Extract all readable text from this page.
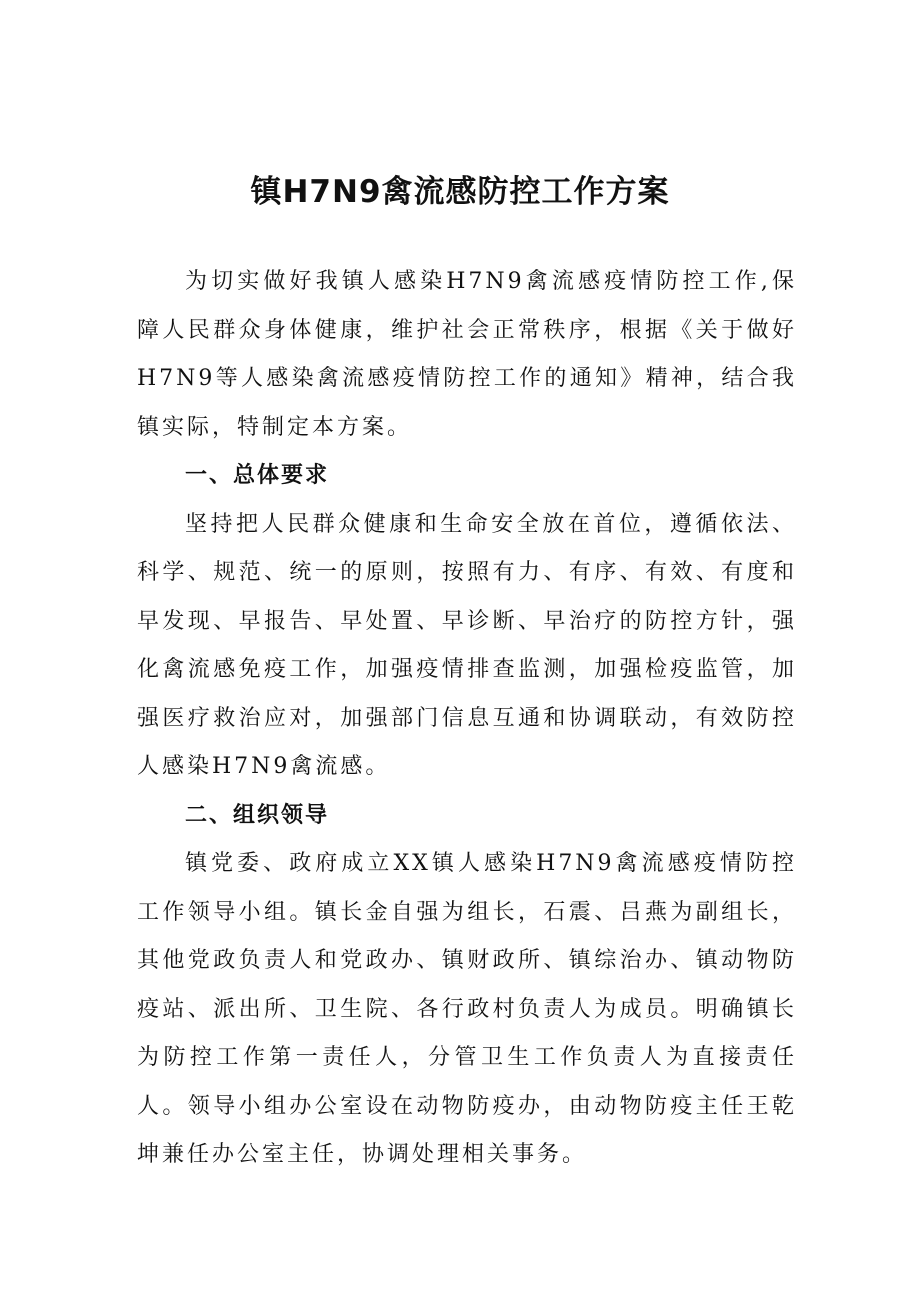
镇H7N9禽流感防控工作方案

为切实做好我镇人感染H7N9禽流感疫情防控工作,保障人民群众身体健康，维护社会正常秩序，根据《关于做好H7N9等人感染禽流感疫情防控工作的通知》精神，结合我镇实际，特制定本方案。

一、总体要求

坚持把人民群众健康和生命安全放在首位，遵循依法、科学、规范、统一的原则，按照有力、有序、有效、有度和早发现、早报告、早处置、早诊断、早治疗的防控方针，强化禽流感免疫工作，加强疫情排查监测，加强检疫监管，加强医疗救治应对，加强部门信息互通和协调联动，有效防控人感染H7N9禽流感。

二、组织领导

镇党委、政府成立XX镇人感染H7N9禽流感疫情防控工作领导小组。镇长金自强为组长，石震、吕燕为副组长，其他党政负责人和党政办、镇财政所、镇综治办、镇动物防疫站、派出所、卫生院、各行政村负责人为成员。明确镇长为防控工作第一责任人，分管卫生工作负责人为直接责任人。领导小组办公室设在动物防疫办，由动物防疫主任王乾坤兼任办公室主任，协调处理相关事务。
